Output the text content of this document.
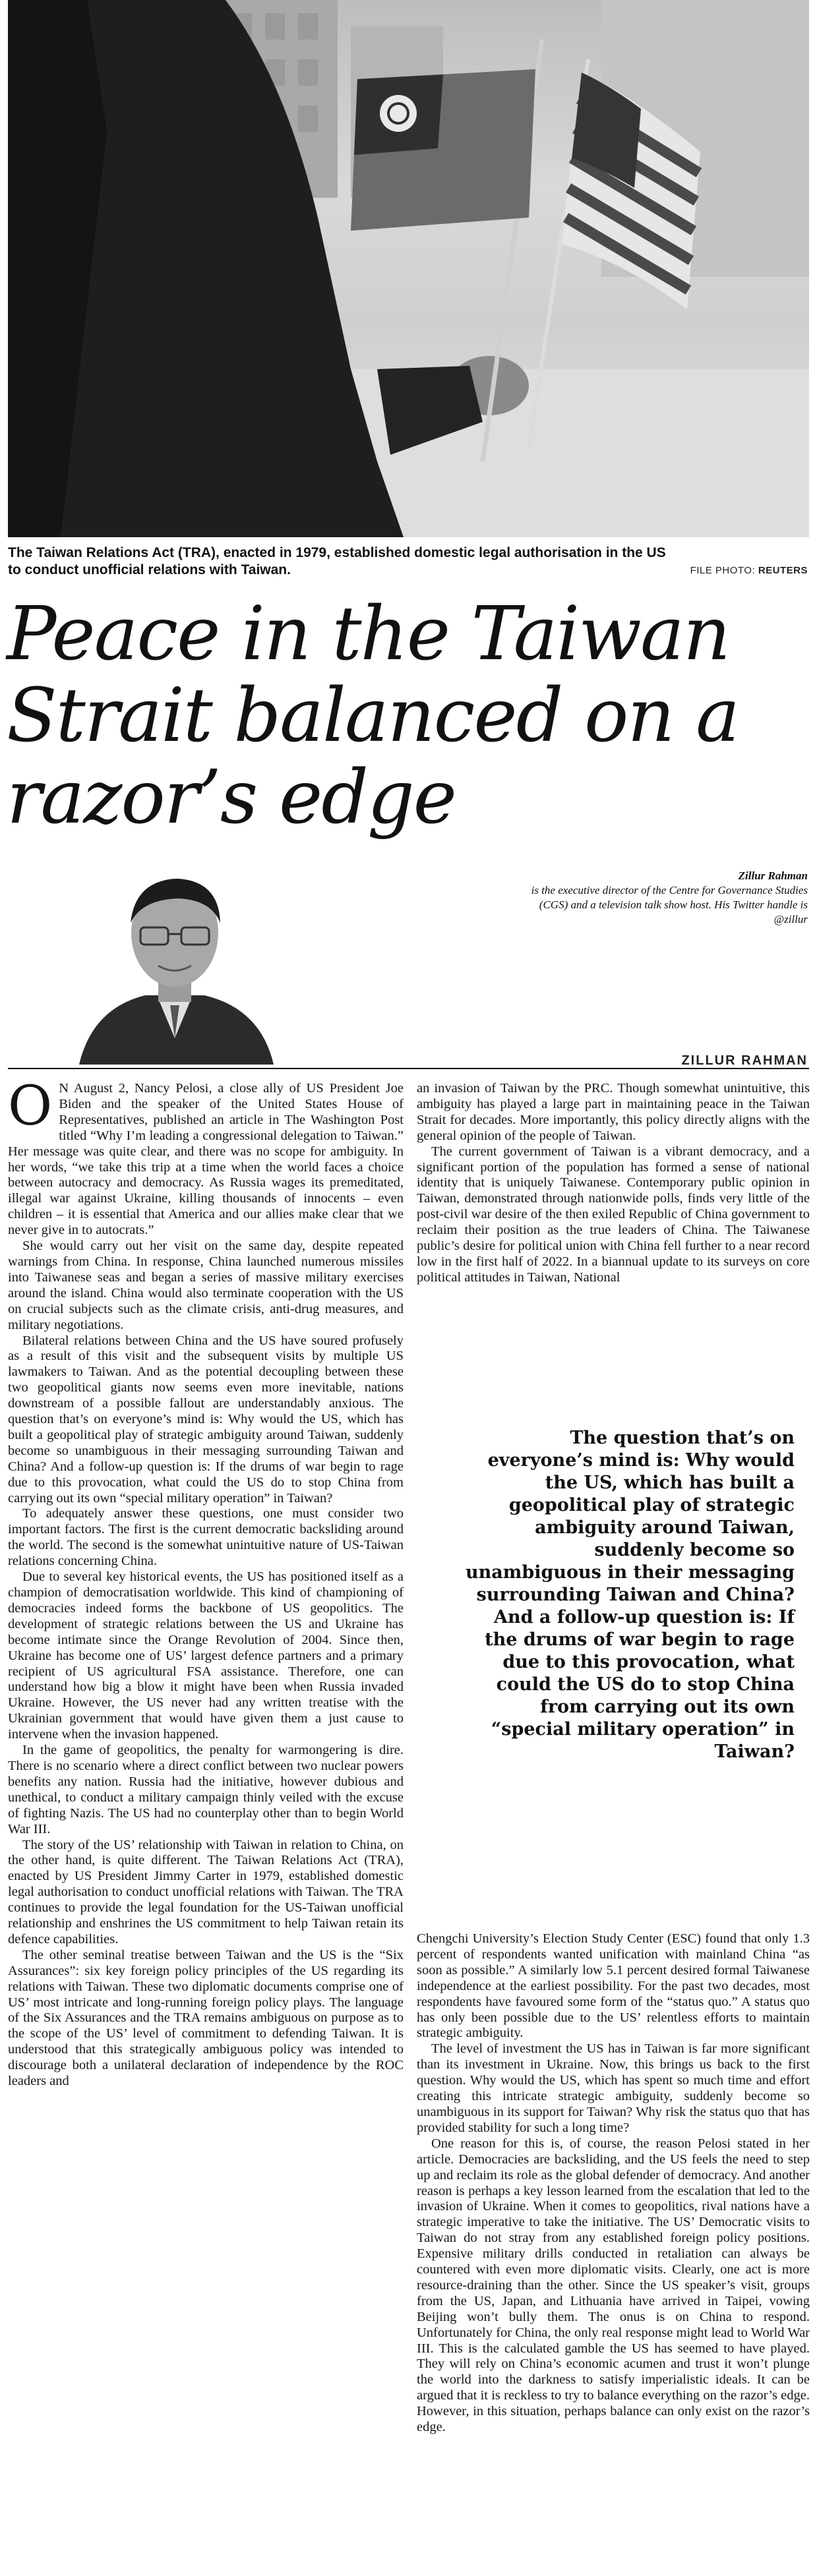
The Taiwan Relations Act (TRA), enacted in 1979, established domestic legal authorisation in the US to conduct unofficial relations with Taiwan.	FILE PHOTO: REUTERS
Peace in the Taiwan
Strait balanced on a
razor’s edge
Zillur Rahman
is the executive director of the Centre for Governance Studies (CGS) and a television talk show host. His Twitter handle is @zillur
ZILLUR RAHMAN

O N August 2, Nancy Pelosi, a close ally of US President Joe Biden and the speaker of the United States House of Representatives, published an article in The Washington Post titled “Why I’m leading a congressional delegation to Taiwan.” Her message was quite clear, and there was no scope for ambiguity. In her words, “we take this trip at a time when the world faces a choice between autocracy and democracy. As Russia wages its premeditated, illegal war against Ukraine, killing thousands of innocents – even children – it is essential that America and our allies make clear that we never give in to autocrats.”

She would carry out her visit on the same day, despite repeated warnings from China. In response, China launched numerous missiles into Taiwanese seas and began a series of massive military exercises around the island. China would also terminate cooperation with the US on crucial subjects such as the climate crisis, anti-drug measures, and military negotiations.

Bilateral relations between China and the US have soured profusely as a result of this visit and the subsequent visits by multiple US lawmakers to Taiwan. And as the potential decoupling between these two geopolitical giants now seems even more inevitable, nations downstream of a possible fallout are understandably anxious. The question that’s on everyone’s mind is: Why would the US, which has built a geopolitical play of strategic ambiguity around Taiwan, suddenly become so unambiguous in their messaging surrounding Taiwan and China? And a follow-up question is: If the drums of war begin to rage due to this provocation, what could the US do to stop China from carrying out its own “special military operation” in Taiwan?

To adequately answer these questions, one must consider two important factors. The first is the current democratic backsliding around the world. The second is the somewhat unintuitive nature of US-Taiwan relations concerning China.

Due to several key historical events, the US has positioned itself as a champion of democratisation worldwide. This kind of championing of democracies indeed forms the backbone of US geopolitics. The development of strategic relations between the US and Ukraine has become intimate since the Orange Revolution of 2004. Since then, Ukraine has become one of US’ largest defence partners and a primary recipient of US agricultural FSA assistance. Therefore, one can understand how big a blow it might have been when Russia invaded Ukraine. However, the US never had any written treatise with the Ukrainian government that would have given them a just cause to intervene when the invasion happened.

In the game of geopolitics, the penalty for warmongering is dire. There is no scenario where a direct conflict between two nuclear powers benefits any nation. Russia had the initiative, however dubious and unethical, to conduct a military campaign thinly veiled with the excuse of fighting Nazis. The US had no counterplay other than to begin World War III.

The story of the US’ relationship with Taiwan in relation to China, on the other hand, is quite different. The Taiwan Relations Act (TRA), enacted by US President Jimmy Carter in 1979, established domestic legal authorisation to conduct unofficial relations with Taiwan. The TRA continues to provide the legal foundation for the US-Taiwan unofficial relationship and enshrines the US commitment to help Taiwan retain its defence capabilities.

The other seminal treatise between Taiwan and the US is the “Six Assurances”: six key foreign policy principles of the US regarding its relations with Taiwan. These two diplomatic documents comprise one of US’ most intricate and long-running foreign policy plays. The language of the Six Assurances and the TRA remains ambiguous on purpose as to the scope of the US’ level of commitment to defending Taiwan. It is understood that this strategically ambiguous policy was intended to discourage both a unilateral declaration of independence by the ROC leaders and

an invasion of Taiwan by the PRC. Though somewhat unintuitive, this ambiguity has played a large part in maintaining peace in the Taiwan Strait for decades. More importantly, this policy directly aligns with the general opinion of the people of Taiwan.

The current government of Taiwan is a vibrant democracy, and a significant portion of the population has formed a sense of national identity that is uniquely Taiwanese. Contemporary public opinion in Taiwan, demonstrated through nationwide polls, finds very little of the post-civil war desire of the then exiled Republic of China government to reclaim their position as the true leaders of China. The Taiwanese public’s desire for political union with China fell further to a near record low in the first half of 2022. In a biannual update to its surveys on core political attitudes in Taiwan, National

The question that’s on everyone’s mind is: Why would the US, which has built a geopolitical play of strategic ambiguity around Taiwan, suddenly become so unambiguous in their messaging surrounding Taiwan and China? And a follow-up question is: If the drums of war begin to rage due to this provocation, what could the US do to stop China from carrying out its own “special military operation” in Taiwan?

Chengchi University’s Election Study Center (ESC) found that only 1.3 percent of respondents wanted unification with mainland China “as soon as possible.” A similarly low 5.1 percent desired formal Taiwanese independence at the earliest possibility. For the past two decades, most respondents have favoured some form of the “status quo.” A status quo has only been possible due to the US’ relentless efforts to maintain strategic ambiguity.

The level of investment the US has in Taiwan is far more significant than its investment in Ukraine. Now, this brings us back to the first question. Why would the US, which has spent so much time and effort creating this intricate strategic ambiguity, suddenly become so unambiguous in its support for Taiwan? Why risk the status quo that has provided stability for such a long time?

One reason for this is, of course, the reason Pelosi stated in her article. Democracies are backsliding, and the US feels the need to step up and reclaim its role as the global defender of democracy. And another reason is perhaps a key lesson learned from the escalation that led to the invasion of Ukraine. When it comes to geopolitics, rival nations have a strategic imperative to take the initiative. The US’ Democratic visits to Taiwan do not stray from any established foreign policy positions. Expensive military drills conducted in retaliation can always be countered with even more diplomatic visits. Clearly, one act is more resource-draining than the other. Since the US speaker’s visit, groups from the US, Japan, and Lithuania have arrived in Taipei, vowing Beijing won’t bully them. The onus is on China to respond. Unfortunately for China, the only real response might lead to World War III. This is the calculated gamble the US has seemed to have played. They will rely on China’s economic acumen and trust it won’t plunge the world into the darkness to satisfy imperialistic ideals. It can be argued that it is reckless to try to balance everything on the razor’s edge. However, in this situation, perhaps balance can only exist on the razor’s edge.
